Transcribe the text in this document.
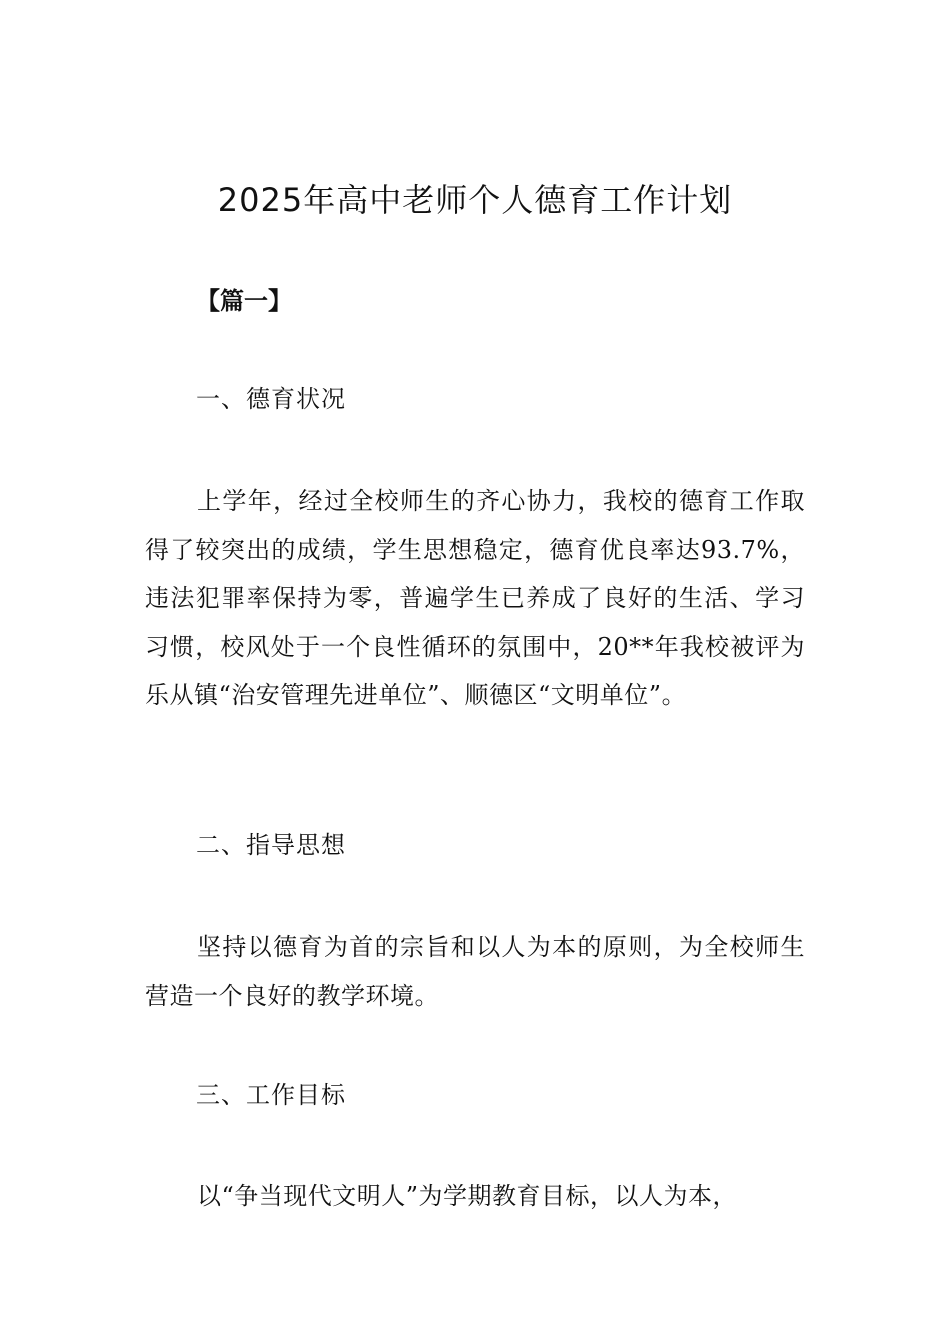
2025年高中老师个人德育工作计划
【篇一】
一、德育状况

上学年，经过全校师生的齐心协力，我校的德育工作取得了较突出的成绩，学生思想稳定，德育优良率达93.7%，违法犯罪率保持为零，普遍学生已养成了良好的生活、学习习惯，校风处于一个良性循环的氛围中，20**年我校被评为乐从镇“治安管理先进单位”、顺德区“文明单位”。

二、指导思想

坚持以德育为首的宗旨和以人为本的原则，为全校师生营造一个良好的教学环境。

三、工作目标

以“争当现代文明人”为学期教育目标，以人为本，
